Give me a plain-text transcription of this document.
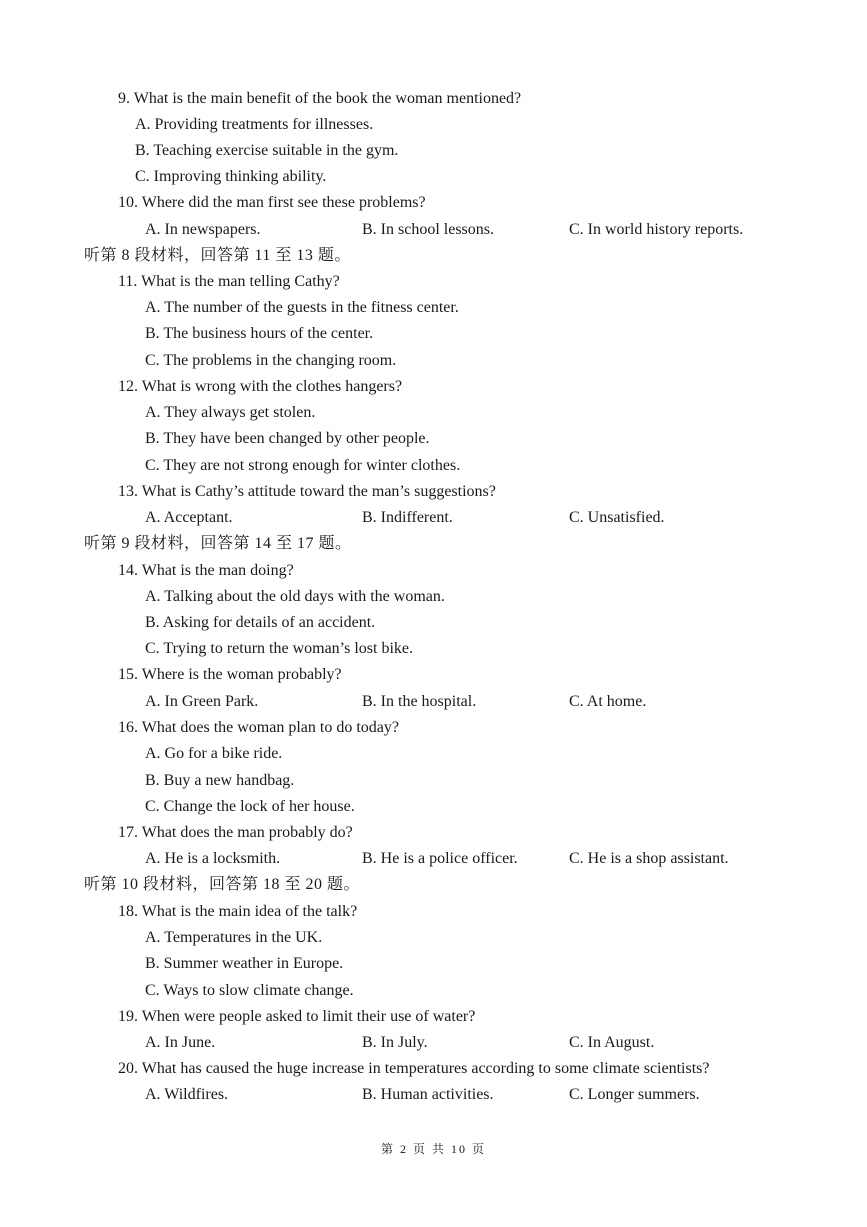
9. What is the main benefit of the book the woman mentioned?
A. Providing treatments for illnesses.
B. Teaching exercise suitable in the gym.
C. Improving thinking ability.
10. Where did the man first see these problems?
A. In newspapers.	B. In school lessons.	C. In world history reports.
听第 8 段材料，回答第 11 至 13 题。
11. What is the man telling Cathy?
A. The number of the guests in the fitness center.
B. The business hours of the center.
C. The problems in the changing room.
12. What is wrong with the clothes hangers?
A. They always get stolen.
B. They have been changed by other people.
C. They are not strong enough for winter clothes.
13. What is Cathy’s attitude toward the man’s suggestions?
A. Acceptant.	B. Indifferent.	C. Unsatisfied.
听第 9 段材料，回答第 14 至 17 题。
14. What is the man doing?
A. Talking about the old days with the woman.
B. Asking for details of an accident.
C. Trying to return the woman’s lost bike.
15. Where is the woman probably?
A. In Green Park.	B. In the hospital.	C. At home.
16. What does the woman plan to do today?
A. Go for a bike ride.
B. Buy a new handbag.
C. Change the lock of her house.
17. What does the man probably do?
A. He is a locksmith.	B. He is a police officer.	C. He is a shop assistant.
听第 10 段材料，回答第 18 至 20 题。
18. What is the main idea of the talk?
A. Temperatures in the UK.
B. Summer weather in Europe.
C. Ways to slow climate change.
19. When were people asked to limit their use of water?
A. In June.	B. In July.	C. In August.
20. What has caused the huge increase in temperatures according to some climate scientists?
A. Wildfires.	B. Human activities.	C. Longer summers.
第 2 页 共 10 页
